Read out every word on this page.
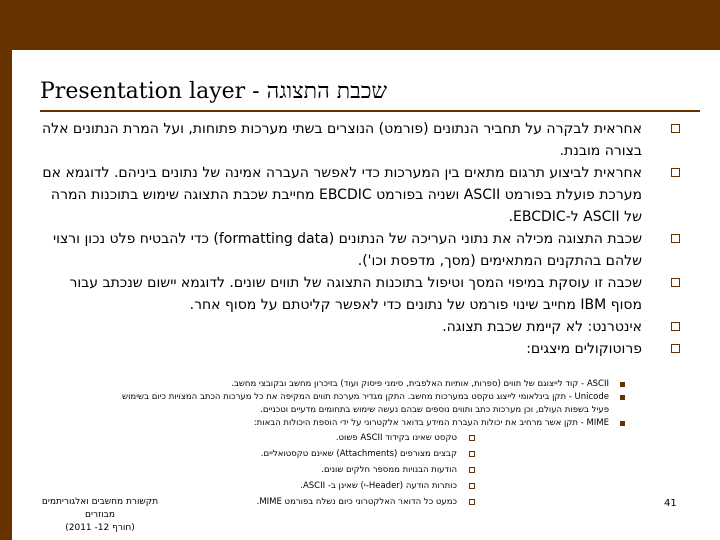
Presentation layer - שכבת התצוגה
אחראית לבקרה על תחביר הנתונים (פורמט) הנוצרים בשתי מערכות פתוחות, ועל המרת הנתונים אלה בצורה מובנת.
אחראית לביצוע תרגום מתאים בין המערכות כדי לאפשר העברה אמינה של נתונים ביניהם. לדוגמא אם מערכת פועלת בפורמט ASCII ושניה בפורמט EBCDIC מחייבת שכבת התצוגה שימוש בתוכנות המרה של ASCII ל-EBCDIC.
שכבת התצוגה מכילה את נתוני העריכה של הנתונים (formatting data) כדי להבטיח פלט נכון ורצוי שלהם בהתקנים המתאימים (מסך, מדפסת וכו').
שכבה זו עוסקת במיפוי המסך וטיפול בתוכנות התצוגה של תווים שונים. לדוגמא יישום שנכתב עבור מסוף IBM מחייב שינוי פורמט של נתונים כדי לאפשר קליטתם על מסוף אחר.
אינטרנט: לא קיימת שכבת תצוגה.
פרוטוקולים מיצגים:
ASCII - קוד לייצוגם של תווים (ספרות, אותיות האלפבית, סימני פיסוק ועוד) בזיכרון מחשב ובקובצי מחשב.
Unicode - תקן בינלאומי לייצוג טקסט במערכות מחשב. התקן מגדיר מערכת תווים המקיפה את כל מערכות הכתב המצויות כיום בשימוש פעיל בשפות העולם, וכן מערכות כתב ותווים נוספים שבהם נעשה שימוש בתחומים מדעיים וטכניים.
MIME - תקן אשר מרחיב את יכולות העברת המידע בדואר אלקטרוני על ידי הוספת היכולות הבאות:
טקסט שאינו בקידוד ASCII פשוט.
קבצים מצורפים (Attachments) שאינם טקסטואליים.
הודעות הבנויות ממספר חלקים שונים.
כותרות הודעה (Header-י) שאינן ב- ASCII.
כמעט כל הדואר האלקטרוני כיום נשלח בפורמט MIME.
תקשורת מחשבים ואלגוריתמים מבוזרים
(חורף 12- 2011)
41
